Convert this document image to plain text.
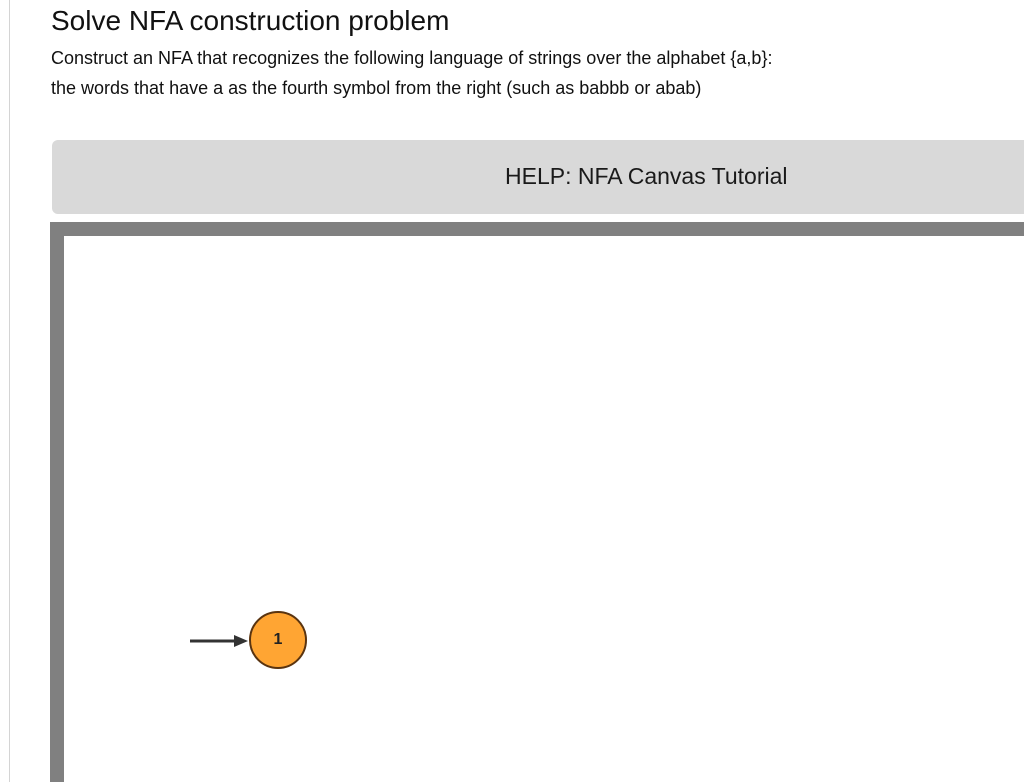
Solve NFA construction problem

Construct an NFA that recognizes the following language of strings over the alphabet {a,b}:

the words that have a as the fourth symbol from the right (such as babbb or abab)

HELP: NFA Canvas Tutorial
1
